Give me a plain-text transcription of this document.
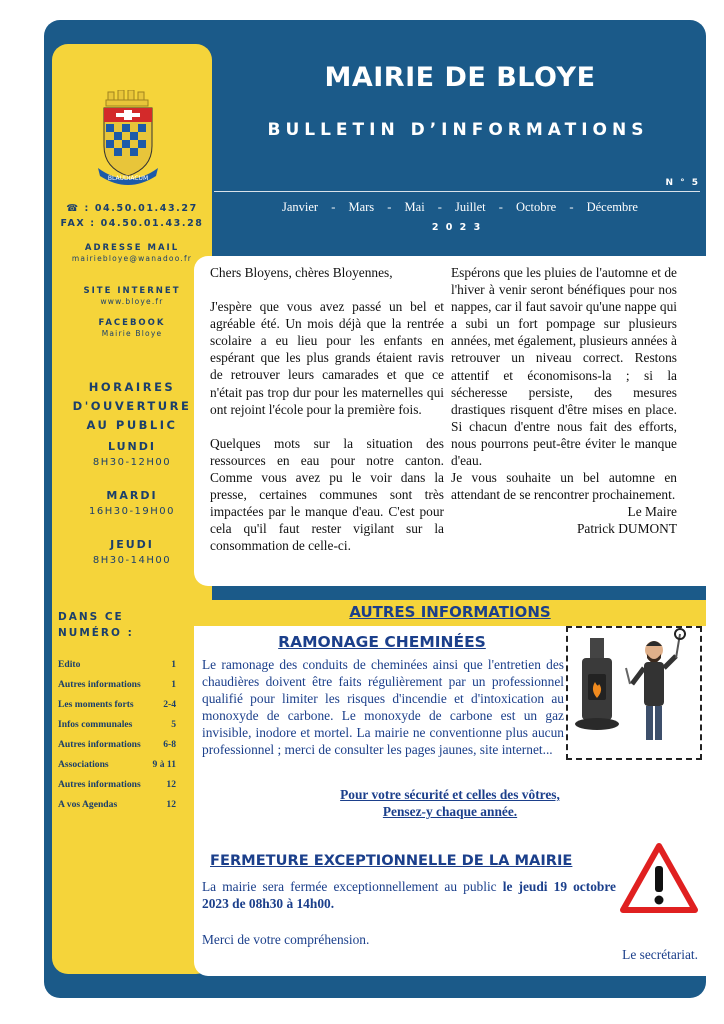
BLAUDIACUM
MAIRIE DE BLOYE
BULLETIN D’INFORMATIONS
N ° 5
Janvier - Mars - Mai - Juillet - Octobre - Décembre
2 0 2 3
☎ : 04.50.01.43.27
FAX : 04.50.01.43.28
ADRESSE MAIL
mairiebloye@wanadoo.fr
SITE INTERNET
www.bloye.fr
FACEBOOK
Mairie Bloye
HORAIRES
D'OUVERTURE
AU PUBLIC
LUNDI
8H30-12H00
MARDI
16H30-19H00
JEUDI
8H30-14H00
DANS CE
NUMÉRO :
Edito	1
Autres informations	1
Les moments forts	2-4
Infos communales	5
Autres informations 6-8
Associations	9 à 11
Autres informations	12
A vos Agendas	12

Chers Bloyens, chères Bloyennes,

J'espère que vous avez passé un bel et agréable été. Un mois déjà que la rentrée scolaire a eu lieu pour les enfants en espérant que les plus grands étaient ravis de retrouver leurs camarades et que ce n'était pas trop dur pour les maternelles qui ont rejoint l'école pour la première fois.

Quelques mots sur la situation des ressources en eau pour notre canton. Comme vous avez pu le voir dans la presse, certaines communes sont très impactées par le manque d'eau. C'est pour cela qu'il faut rester vigilant sur la consommation de celle-ci.

Espérons que les pluies de l'automne et de l'hiver à venir seront bénéfiques pour nos nappes, car il faut savoir qu'une nappe qui a subi un fort pompage sur plusieurs années, met également, plusieurs années à retrouver un niveau correct. Restons attentif et économisons-la ; si la sécheresse persiste, des mesures drastiques risquent d'être mises en place. Si chacun d'entre nous fait des efforts, nous pourrons peut-être éviter le manque d'eau.

Je vous souhaite un bel automne en attendant de se rencontrer prochainement.

Le Maire

Patrick DUMONT

AUTRES INFORMATIONS
RAMONAGE CHEMINÉES

Le ramonage des conduits de cheminées ainsi que l'entretien des chaudières doivent être faits régulièrement par un professionnel qualifié pour limiter les risques d'incendie et d'intoxication au monoxyde de carbone. Le monoxyde de carbone est un gaz invisible, inodore et mortel. La mairie ne conventionne plus aucun professionnel ; merci de consulter les pages jaunes, site internet...

Pour votre sécurité et celles des vôtres,
Pensez-y chaque année.
FERMETURE EXCEPTIONNELLE DE LA MAIRIE

La mairie sera fermée exceptionnellement au public le jeudi 19 octobre 2023 de 08h30 à 14h00.

Merci de votre compréhension.
Le secrétariat.
